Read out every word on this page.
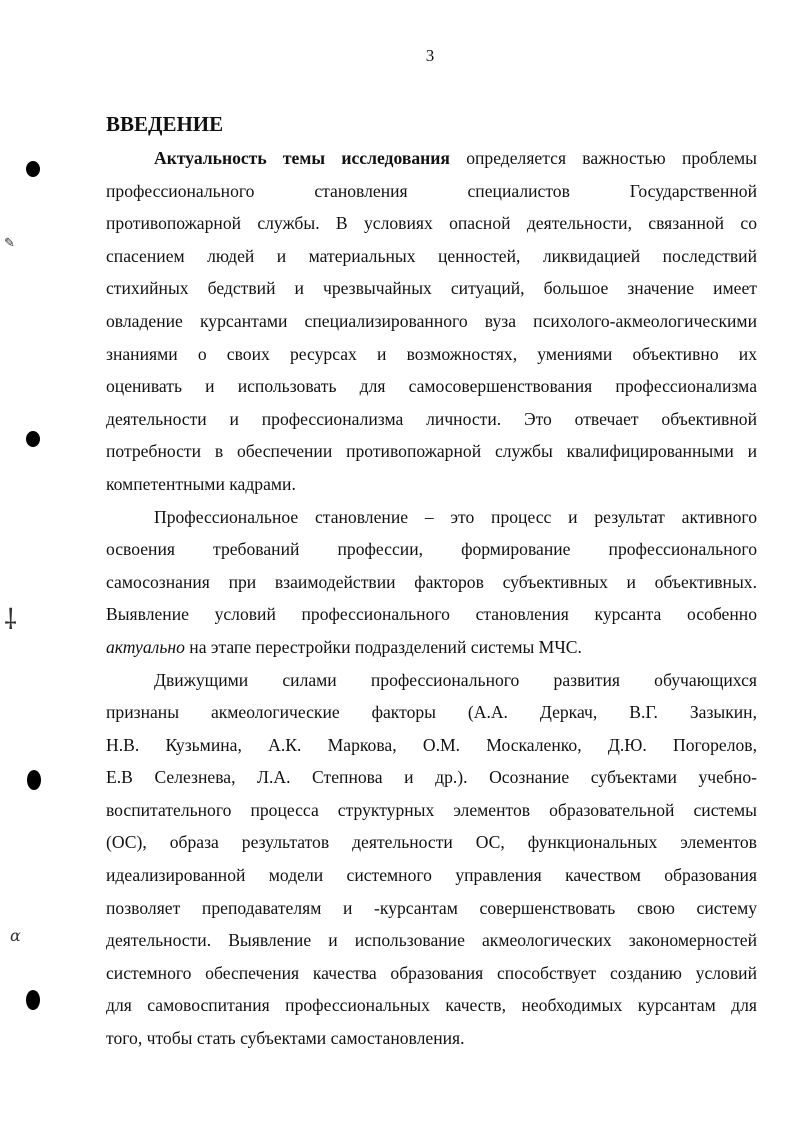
3
✎
⸸
ɑ
ВВЕДЕНИЕ

Актуальность темы исследования определяется важностью проблемы
профессионального становления специалистов Государственной
противопожарной службы. В условиях опасной деятельности, связанной со
спасением людей и материальных ценностей, ликвидацией последствий
стихийных бедствий и чрезвычайных ситуаций, большое значение имеет
овладение курсантами специализированного вуза психолого-акмеологическими
знаниями о своих ресурсах и возможностях, умениями объективно их
оценивать и использовать для самосовершенствования профессионализма
деятельности и профессионализма личности. Это отвечает объективной
потребности в обеспечении противопожарной службы квалифицированными и
компетентными кадрами.

Профессиональное становление – это процесс и результат активного
освоения требований профессии, формирование профессионального
самосознания при взаимодействии факторов субъективных и объективных.
Выявление условий профессионального становления курсанта особенно
актуально на этапе перестройки подразделений системы МЧС.

Движущими силами профессионального развития обучающихся
признаны акмеологические факторы (А.А. Деркач, В.Г. Зазыкин,
Н.В. Кузьмина, А.К. Маркова, О.М. Москаленко, Д.Ю. Погорелов,
Е.В Селезнева, Л.А. Степнова и др.). Осознание субъектами учебно-
воспитательного процесса структурных элементов образовательной системы
(ОС), образа результатов деятельности ОС, функциональных элементов
идеализированной модели системного управления качеством образования
позволяет преподавателям и -курсантам совершенствовать свою систему
деятельности. Выявление и использование акмеологических закономерностей
системного обеспечения качества образования способствует созданию условий
для самовоспитания профессиональных качеств, необходимых курсантам для
того, чтобы стать субъектами самостановления.
